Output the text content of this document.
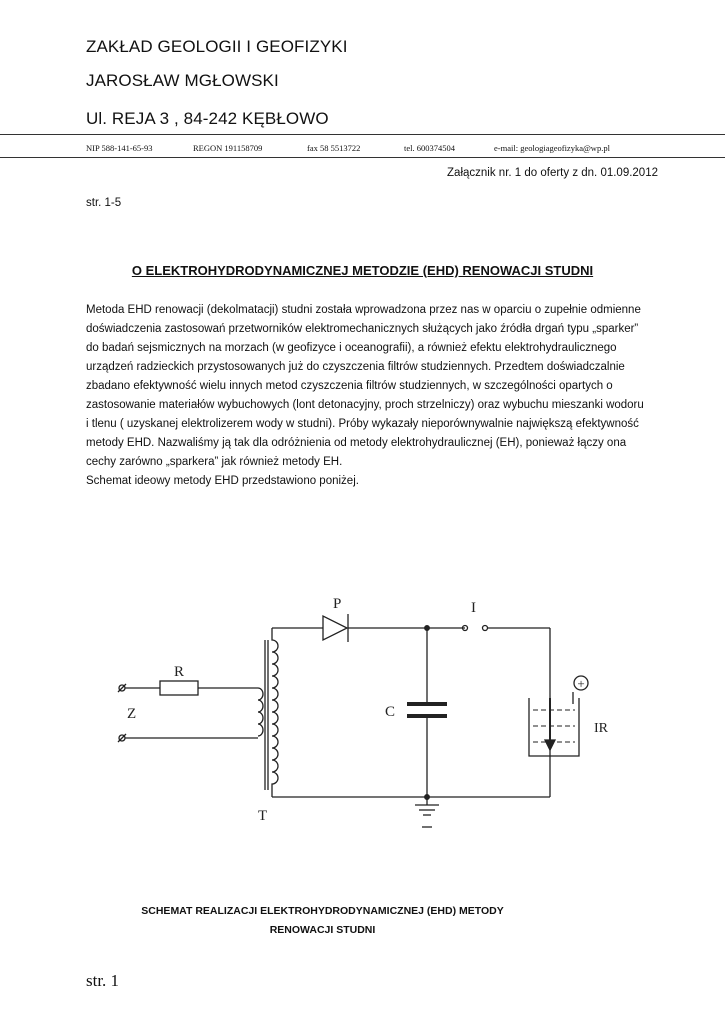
ZAKŁAD GEOLOGII I GEOFIZYKI
JAROSŁAW MGŁOWSKI
Ul. REJA 3 , 84-242 KĘBŁOWO
NIP 588-141-65-93	REGON 191158709	fax 58 5513722	tel. 600374504	e-mail: geologiageofizyka@wp.pl
Załącznik nr. 1 do oferty z dn. 01.09.2012
str. 1-5
O ELEKTROHYDRODYNAMICZNEJ METODZIE (EHD) RENOWACJI STUDNI
Metoda EHD renowacji (dekolmatacji) studni została wprowadzona przez nas w oparciu o zupełnie odmienne
doświadczenia zastosowań przetworników elektromechanicznych służących jako źródła drgań typu „sparker”
do badań sejsmicznych na morzach (w geofizyce i oceanografii), a również efektu elektrohydraulicznego
urządzeń radzieckich przystosowanych już do czyszczenia filtrów studziennych. Przedtem doświadczalnie
zbadano efektywność wielu innych metod czyszczenia filtrów studziennych, w szczególności opartych o
zastosowanie materiałów wybuchowych (lont detonacyjny, proch strzelniczy) oraz wybuchu mieszanki wodoru
i tlenu ( uzyskanej elektrolizerem wody w studni). Próby wykazały nieporównywalnie największą efektywność
metody EHD. Nazwaliśmy ją tak dla odróżnienia od metody elektrohydraulicznej (EH), ponieważ łączy ona
cechy zarówno „sparkera” jak również metody EH.
Schemat ideowy metody EHD przedstawiono poniżej.
Z
R
T
P	I
C
+
IR
SCHEMAT REALIZACJI ELEKTROHYDRODYNAMICZNEJ (EHD) METODY
RENOWACJI STUDNI
str. 1
